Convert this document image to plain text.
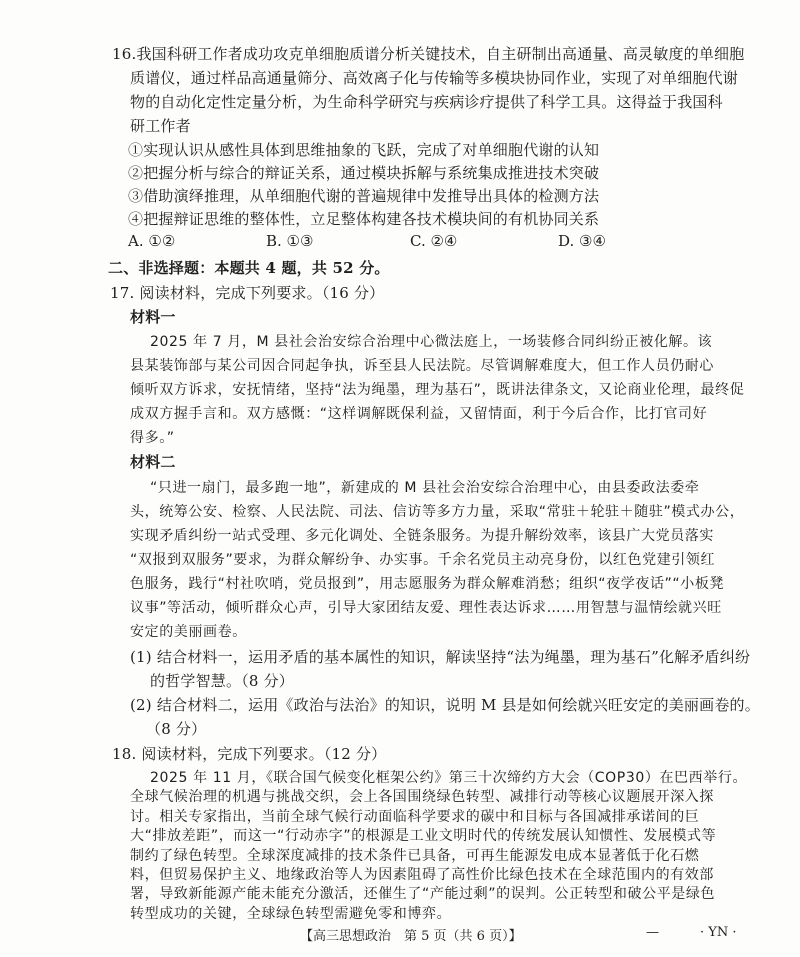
16.我国科研工作者成功攻克单细胞质谱分析关键技术，自主研制出高通量、高灵敏度的单细胞
质谱仪，通过样品高通量筛分、高效离子化与传输等多模块协同作业，实现了对单细胞代谢
物的自动化定性定量分析，为生命科学研究与疾病诊疗提供了科学工具。这得益于我国科
研工作者
①实现认识从感性具体到思维抽象的飞跃，完成了对单细胞代谢的认知
②把握分析与综合的辩证关系，通过模块拆解与系统集成推进技术突破
③借助演绎推理，从单细胞代谢的普遍规律中发推导出具体的检测方法
④把握辩证思维的整体性，立足整体构建各技术模块间的有机协同关系
A. ①②	B. ①③	C. ②④	D. ③④
二、非选择题：本题共 4 题，共 52 分。
17. 阅读材料，完成下列要求。（16 分）
材料一
2025 年 7 月，M 县社会治安综合治理中心微法庭上，一场装修合同纠纷正被化解。该
县某装饰部与某公司因合同起争执，诉至县人民法院。尽管调解难度大，但工作人员仍耐心
倾听双方诉求，安抚情绪，坚持“法为绳墨，理为基石”，既讲法律条文，又论商业伦理，最终促
成双方握手言和。双方感慨：“这样调解既保利益，又留情面，利于今后合作，比打官司好
得多。”
材料二
“只进一扇门，最多跑一地”，新建成的 M 县社会治安综合治理中心，由县委政法委牵
头，统筹公安、检察、人民法院、司法、信访等多方力量，采取“常驻＋轮驻＋随驻”模式办公，
实现矛盾纠纷一站式受理、多元化调处、全链条服务。为提升解纷效率，该县广大党员落实
“双报到双服务”要求，为群众解纷争、办实事。千余名党员主动亮身份，以红色党建引领红
色服务，践行“村社吹哨，党员报到”，用志愿服务为群众解难消愁；组织“夜学夜话”“小板凳
议事”等活动，倾听群众心声，引导大家团结友爱、理性表达诉求……用智慧与温情绘就兴旺
安定的美丽画卷。
(1) 结合材料一，运用矛盾的基本属性的知识，解读坚持“法为绳墨，理为基石”化解矛盾纠纷
的哲学智慧。（8 分）
(2) 结合材料二，运用《政治与法治》的知识，说明 M 县是如何绘就兴旺安定的美丽画卷的。
（8 分）
18. 阅读材料，完成下列要求。（12 分）
2025 年 11 月，《联合国气候变化框架公约》第三十次缔约方大会（COP30）在巴西举行。
全球气候治理的机遇与挑战交织，会上各国围绕绿色转型、减排行动等核心议题展开深入探
讨。相关专家指出，当前全球气候行动面临科学要求的碳中和目标与各国减排承诺间的巨
大“排放差距”，而这一“行动赤字”的根源是工业文明时代的传统发展认知惯性、发展模式等
制约了绿色转型。全球深度减排的技术条件已具备，可再生能源发电成本显著低于化石燃
料，但贸易保护主义、地缘政治等人为因素阻碍了高性价比绿色技术在全球范围内的有效部
【高三思想政治　第 5 页（共 6 页）】	—	· YN ·
署，导致新能源产能未能充分激活，还催生了“产能过剩”的误判。公正转型和破公平是绿色
转型成功的关键，全球绿色转型需避免零和博弈。
